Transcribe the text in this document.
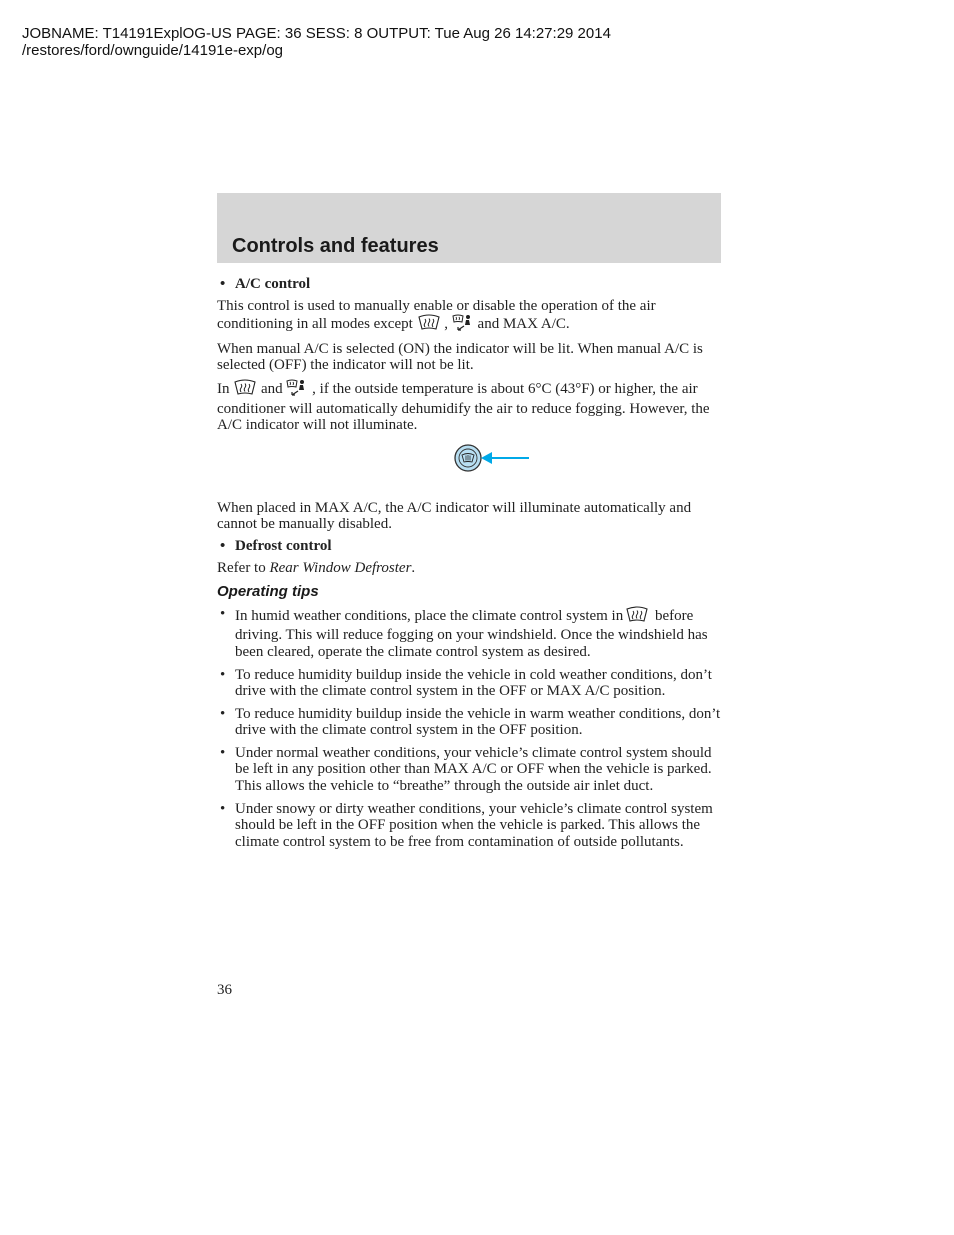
JOBNAME: T14191ExplOG-US PAGE: 36 SESS: 8 OUTPUT: Tue Aug 26 14:27:29 2014
/restores/ford/ownguide/14191e-exp/og
Controls and features
• A/C control

This control is used to manually enable or disable the operation of the air conditioning in all modes except , and MAX A/C.

When manual A/C is selected (ON) the indicator will be lit. When manual A/C is selected (OFF) the indicator will not be lit.

In and , if the outside temperature is about 6°C (43°F) or higher, the air conditioner will automatically dehumidify the air to reduce fogging. However, the A/C indicator will not illuminate.

When placed in MAX A/C, the A/C indicator will illuminate automatically and cannot be manually disabled.

• Defrost control

Refer to Rear Window Defroster.

Operating tips
• In humid weather conditions, place the climate control system in before driving. This will reduce fogging on your windshield. Once the windshield has been cleared, operate the climate control system as desired.
• To reduce humidity buildup inside the vehicle in cold weather conditions, don’t drive with the climate control system in the OFF or MAX A/C position.
• To reduce humidity buildup inside the vehicle in warm weather conditions, don’t drive with the climate control system in the OFF position.
• Under normal weather conditions, your vehicle’s climate control system should be left in any position other than MAX A/C or OFF when the vehicle is parked. This allows the vehicle to “breathe” through the outside air inlet duct.
• Under snowy or dirty weather conditions, your vehicle’s climate control system should be left in the OFF position when the vehicle is parked. This allows the climate control system to be free from contamination of outside pollutants.
36
